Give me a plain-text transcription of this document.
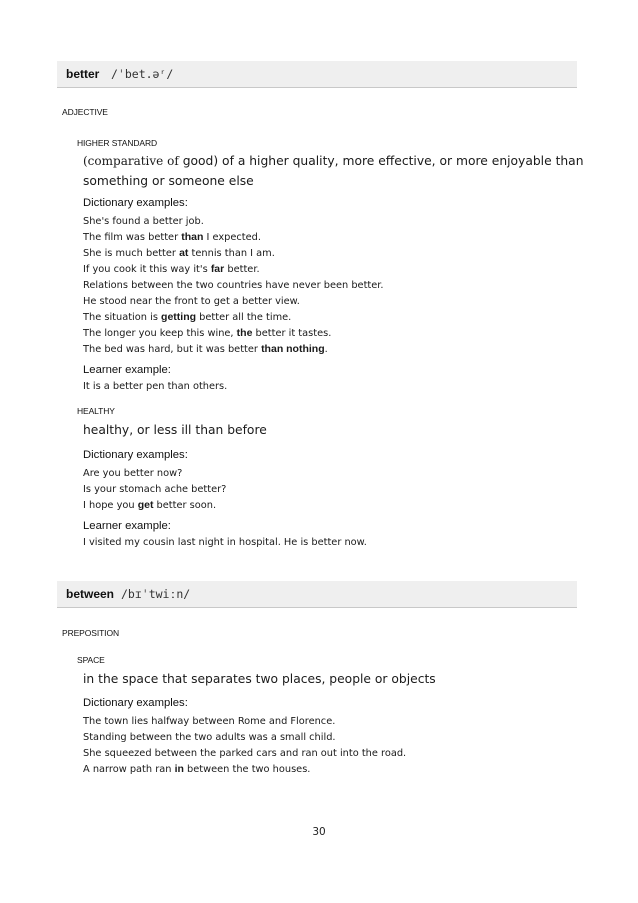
better /ˈbet.əʳ/
ADJECTIVE
HIGHER STANDARD
(comparative of good) of a higher quality, more effective, or more enjoyable than
something or someone else
Dictionary examples:
She's found a better job.
The film was better than I expected.
She is much better at tennis than I am.
If you cook it this way it's far better.
Relations between the two countries have never been better.
He stood near the front to get a better view.
The situation is getting better all the time.
The longer you keep this wine, the better it tastes.
The bed was hard, but it was better than nothing.
Learner example:
It is a better pen than others.
HEALTHY
healthy, or less ill than before
Dictionary examples:
Are you better now?
Is your stomach ache better?
I hope you get better soon.
Learner example:
I visited my cousin last night in hospital. He is better now.
between /bɪˈtwiːn/
PREPOSITION
SPACE
in the space that separates two places, people or objects
Dictionary examples:
The town lies halfway between Rome and Florence.
Standing between the two adults was a small child.
She squeezed between the parked cars and ran out into the road.
A narrow path ran in between the two houses.
30
